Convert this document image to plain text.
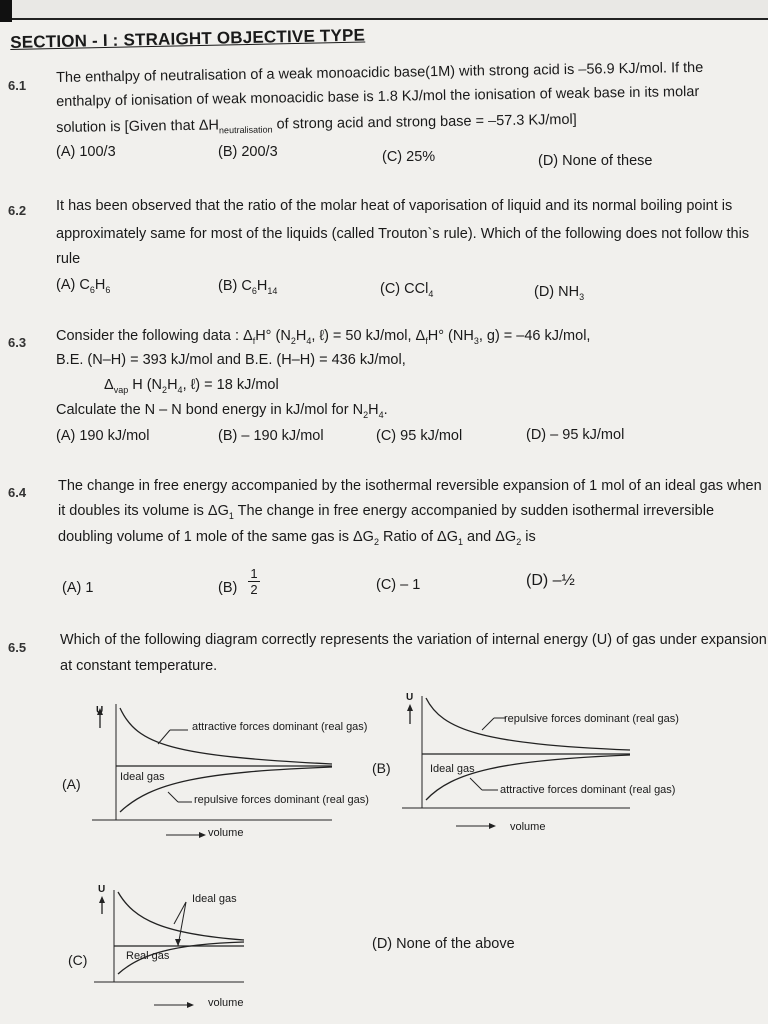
SECTION - I : STRAIGHT OBJECTIVE TYPE
6.1 The enthalpy of neutralisation of a weak monoacidic base(1M) with strong acid is –56.9 KJ/mol. If the
enthalpy of ionisation of weak monoacidic base is 1.8 KJ/mol the ionisation of weak base in its molar
solution is [Given that $\Delta H_{neutralisation}$ of strong acid and strong base = –57.3 KJ/mol]
(A) 100/3	(B) 200/3	(C) 25%	(D) None of these
6.2 It has been observed that the ratio of the molar heat of vaporisation of liquid and its normal boiling point is
approximately same for most of the liquids (called Trouton`s rule). Which of the following does not follow this
rule
(A) $C_6H_6$	(B) $C_6H_{14}$	(C) CCl$_4$	(D) $NH_3$
6.3 Consider the following data : $\Delta_fH^\circ$ ($N_2H_4$, ℓ) = 50 kJ/mol, $\Delta_fH^\circ$ ($NH_3$, g) = –46 kJ/mol,
B.E. (N–H) = 393 kJ/mol and B.E. (H–H) = 436 kJ/mol,
$\Delta_{vap}$ H ($N_2H_4$, ℓ) = 18 kJ/mol
Calculate the N – N bond energy in kJ/mol for $N_2H_4$.
(A) 190 kJ/mol	(B) – 190 kJ/mol	(C) 95 kJ/mol	(D) – 95 kJ/mol
6.4 The change in free energy accompanied by the isothermal reversible expansion of 1 mol of an ideal gas when
it doubles its volume is $\Delta G_1$ The change in free energy accompanied by sudden isothermal irreversible
doubling volume of 1 mole of the same gas is $\Delta G_2$ Ratio of $\Delta G_1$ and $\Delta G_2$ is
(A) 1	$(B) \frac{1}{2}$	(C) – 1	(D) –½
6.5 Which of the following diagram correctly represents the variation of internal energy (U) of gas under expansion
at constant temperature.
(A)
U
attractive forces dominant (real gas)
Ideal gas
repulsive forces dominant (real gas)
volume
(B)
U
repulsive forces dominant (real gas)
Ideal gas
attractive forces dominant (real gas)
volume
(C)
U
Ideal gas
Real gas
volume
(D) None of the above
